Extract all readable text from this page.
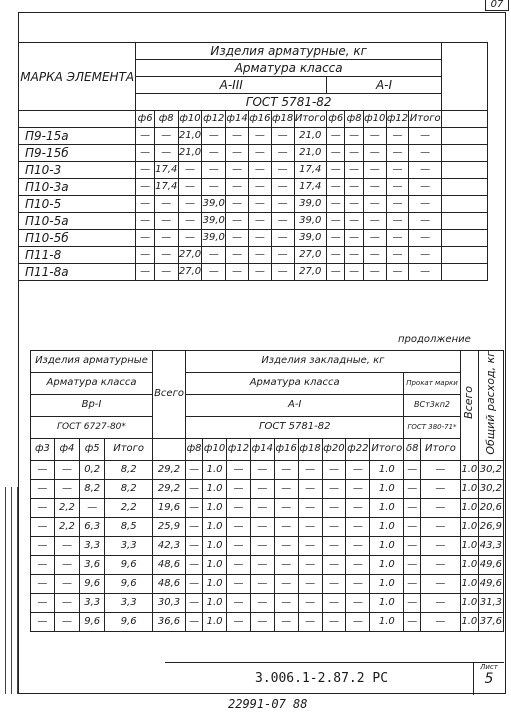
07
МАРКА ЭЛЕМЕНТА	Изделия арматурные, кг													
	Арматура класса													
	А-III								А-I					
	ГОСТ 5781-82													
	ф6	ф8	ф10	ф12	ф14	ф16	ф18	Итого	ф6	ф8	ф10	ф12	Итого	
П9-15а	—	—	21,0	—	—	—	—	21,0	—	—	—	—	—	
П9-15б	—	—	21,0	—	—	—	—	21,0	—	—	—	—	—	
П10-3	—	17,4	—	—	—	—	—	17,4	—	—	—	—	—	
П10-3а	—	17,4	—	—	—	—	—	17,4	—	—	—	—	—	
П10-5	—	—	—	39,0	—	—	—	39,0	—	—	—	—	—	
П10-5а	—	—	—	39,0	—	—	—	39,0	—	—	—	—	—	
П10-5б	—	—	—	39,0	—	—	—	39,0	—	—	—	—	—	
П11-8	—	—	27,0	—	—	—	—	27,0	—	—	—	—	—	
П11-8а	—	—	27,0	—	—	—	—	27,0	—	—	—	—	—	
продолжение
Изделия арматурные				Всего	Изделия закладные, кг											Всего	Общий расход, кг
Арматура класса					Арматура класса									Прокат марки			
Вр-I					А-I									ВСт3кп2			
ГОСТ 6727-80*					ГОСТ 5781-82									ГОСТ 380-71*			
ф3	ф4	ф5	Итого		ф8	ф10	ф12	ф14	ф16	ф18	ф20	ф22	Итого	δ8	Итого		
—	—	0,2	8,2	29,2	—	1.0	—	—	—	—	—	—	1.0	—	—	1.0	30,2
—	—	8,2	8,2	29,2	—	1.0	—	—	—	—	—	—	1.0	—	—	1.0	30,2
—	2,2	—	2,2	19,6	—	1.0	—	—	—	—	—	—	1.0	—	—	1.0	20,6
—	2,2	6,3	8,5	25,9	—	1.0	—	—	—	—	—	—	1.0	—	—	1.0	26,9
—	—	3,3	3,3	42,3	—	1.0	—	—	—	—	—	—	1.0	—	—	1.0	43,3
—	—	3,6	9,6	48,6	—	1.0	—	—	—	—	—	—	1.0	—	—	1.0	49,6
—	—	9,6	9,6	48,6	—	1.0	—	—	—	—	—	—	1.0	—	—	1.0	49,6
—	—	3,3	3,3	30,3	—	1.0	—	—	—	—	—	—	1.0	—	—	1.0	31,3
—	—	9,6	9,6	36,6	—	1.0	—	—	—	—	—	—	1.0	—	—	1.0	37,6
3.006.1-2.87.2 РС
Лист
5
22991-07 88
